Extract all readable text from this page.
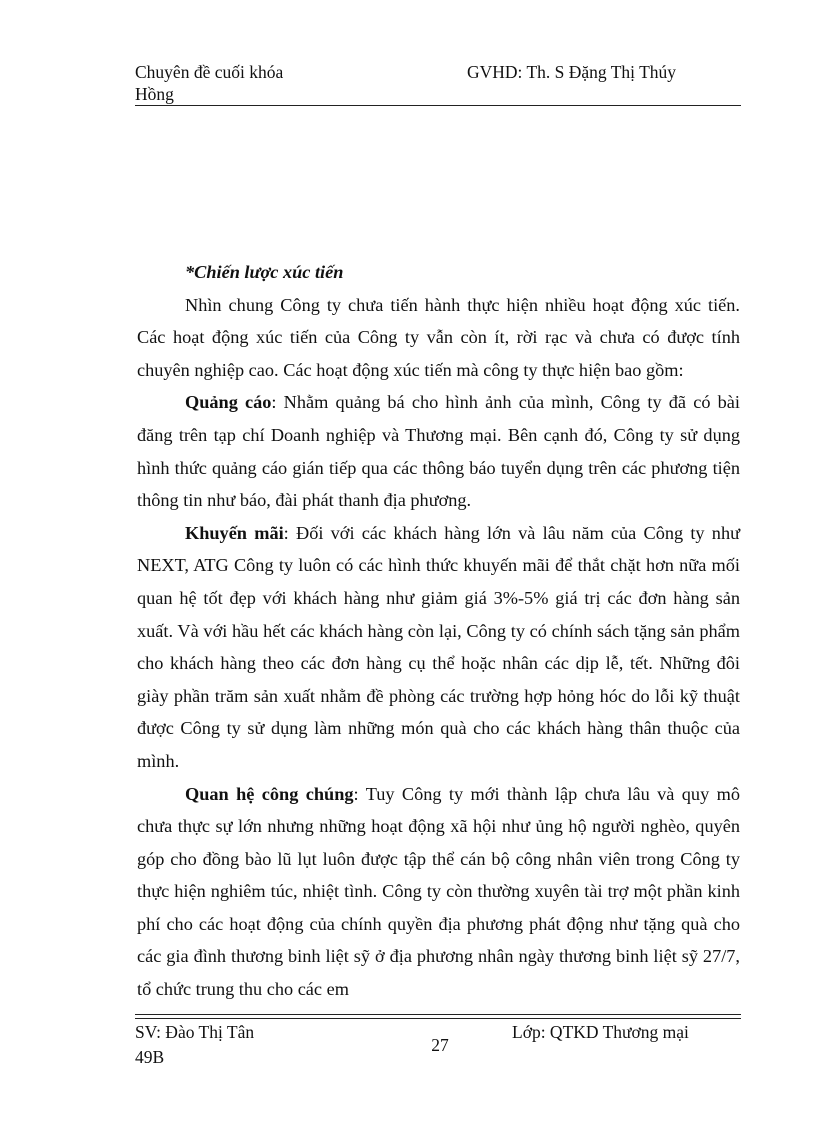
Chuyên đề cuối khóa
Hồng
GVHD: Th. S Đặng Thị Thúy

*Chiến lược xúc tiến

Nhìn chung Công ty chưa tiến hành thực hiện nhiều hoạt động xúc tiến. Các hoạt động xúc tiến của Công ty vẫn còn ít, rời rạc và chưa có được tính chuyên nghiệp cao. Các hoạt động xúc tiến mà công ty thực hiện bao gồm:

Quảng cáo: Nhằm quảng bá cho hình ảnh của mình, Công ty đã có bài đăng trên tạp chí Doanh nghiệp và Thương mại. Bên cạnh đó, Công ty sử dụng hình thức quảng cáo gián tiếp qua các thông báo tuyển dụng trên các phương tiện thông tin như báo, đài phát thanh địa phương.

Khuyến mãi: Đối với các khách hàng lớn và lâu năm của Công ty như NEXT, ATG Công ty luôn có các hình thức khuyến mãi để thắt chặt hơn nữa mối quan hệ tốt đẹp với khách hàng như giảm giá 3%-5% giá trị các đơn hàng sản xuất. Và với hầu hết các khách hàng còn lại, Công ty có chính sách tặng sản phẩm cho khách hàng theo các đơn hàng cụ thể hoặc nhân các dịp lễ, tết. Những đôi giày phần trăm sản xuất nhằm đề phòng các trường hợp hỏng hóc do lỗi kỹ thuật được Công ty sử dụng làm những món quà cho các khách hàng thân thuộc của mình.

Quan hệ công chúng: Tuy Công ty mới thành lập chưa lâu và quy mô chưa thực sự lớn nhưng những hoạt động xã hội như ủng hộ người nghèo, quyên góp cho đồng bào lũ lụt luôn được tập thể cán bộ công nhân viên trong Công ty thực hiện nghiêm túc, nhiệt tình. Công ty còn thường xuyên tài trợ một phần kinh phí cho các hoạt động của chính quyền địa phương phát động như tặng quà cho các gia đình thương binh liệt sỹ ở địa phương nhân ngày thương binh liệt sỹ 27/7, tổ chức trung thu cho các em

SV: Đào Thị Tân
49B
27
Lớp: QTKD Thương mại
